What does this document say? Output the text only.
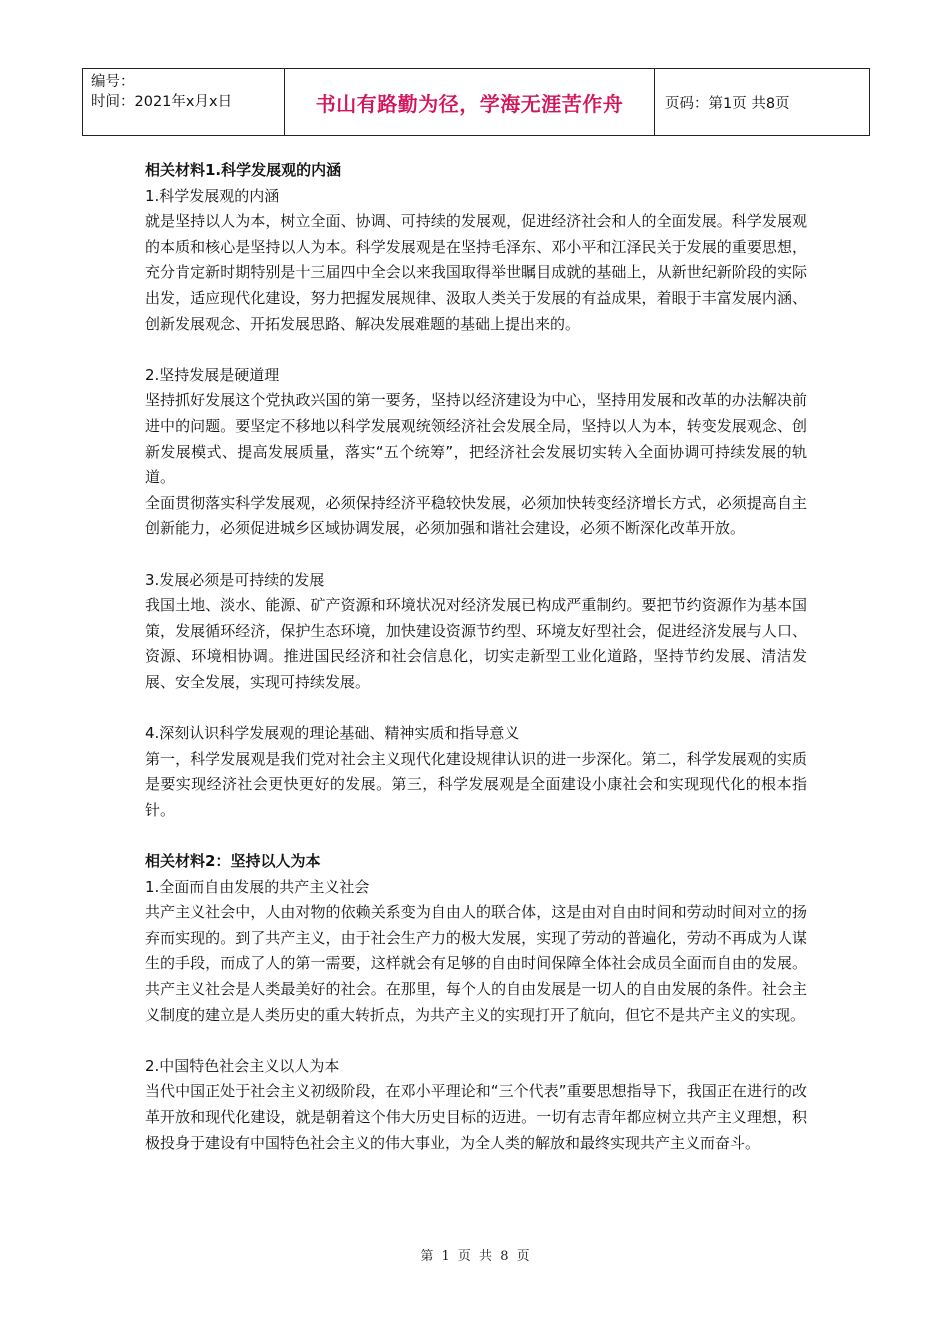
编号：
时间：2021年x月x日	书山有路勤为径，学海无涯苦作舟	页码：第1页 共8页

相关材料1.科学发展观的内涵

1.科学发展观的内涵

就是坚持以人为本，树立全面、协调、可持续的发展观，促进经济社会和人的全面发展。科学发展观的本质和核心是坚持以人为本。科学发展观是在坚持毛泽东、邓小平和江泽民关于发展的重要思想，充分肯定新时期特别是十三届四中全会以来我国取得举世瞩目成就的基础上，从新世纪新阶段的实际出发，适应现代化建设，努力把握发展规律、汲取人类关于发展的有益成果，着眼于丰富发展内涵、创新发展观念、开拓发展思路、解决发展难题的基础上提出来的。

2.坚持发展是硬道理

坚持抓好发展这个党执政兴国的第一要务，坚持以经济建设为中心，坚持用发展和改革的办法解决前进中的问题。要坚定不移地以科学发展观统领经济社会发展全局，坚持以人为本，转变发展观念、创新发展模式、提高发展质量，落实“五个统筹”，把经济社会发展切实转入全面协调可持续发展的轨道。

全面贯彻落实科学发展观，必须保持经济平稳较快发展，必须加快转变经济增长方式，必须提高自主创新能力，必须促进城乡区域协调发展，必须加强和谐社会建设，必须不断深化改革开放。

3.发展必须是可持续的发展

我国土地、淡水、能源、矿产资源和环境状况对经济发展已构成严重制约。要把节约资源作为基本国策，发展循环经济，保护生态环境，加快建设资源节约型、环境友好型社会，促进经济发展与人口、资源、环境相协调。推进国民经济和社会信息化，切实走新型工业化道路，坚持节约发展、清洁发展、安全发展，实现可持续发展。

4.深刻认识科学发展观的理论基础、精神实质和指导意义

第一，科学发展观是我们党对社会主义现代化建设规律认识的进一步深化。第二，科学发展观的实质是要实现经济社会更快更好的发展。第三，科学发展观是全面建设小康社会和实现现代化的根本指针。

相关材料2：坚持以人为本

1.全面而自由发展的共产主义社会

共产主义社会中，人由对物的依赖关系变为自由人的联合体，这是由对自由时间和劳动时间对立的扬弃而实现的。到了共产主义，由于社会生产力的极大发展，实现了劳动的普遍化，劳动不再成为人谋生的手段，而成了人的第一需要，这样就会有足够的自由时间保障全体社会成员全面而自由的发展。共产主义社会是人类最美好的社会。在那里，每个人的自由发展是一切人的自由发展的条件。社会主义制度的建立是人类历史的重大转折点，为共产主义的实现打开了航向，但它不是共产主义的实现。

2.中国特色社会主义以人为本

当代中国正处于社会主义初级阶段，在邓小平理论和“三个代表”重要思想指导下，我国正在进行的改革开放和现代化建设，就是朝着这个伟大历史目标的迈进。一切有志青年都应树立共产主义理想，积极投身于建设有中国特色社会主义的伟大事业，为全人类的解放和最终实现共产主义而奋斗。

第 1 页 共 8 页
